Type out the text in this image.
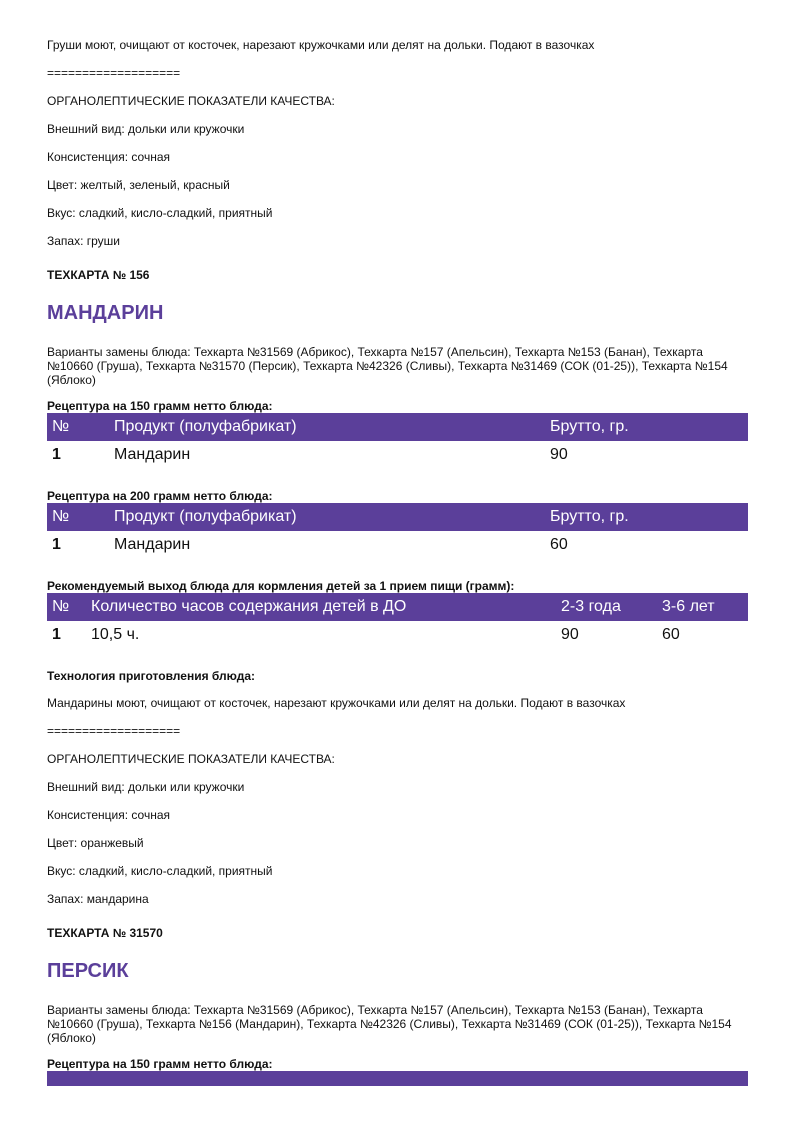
Груши моют, очищают от косточек, нарезают кружочками или делят на дольки. Подают в вазочках
===================
ОРГАНОЛЕПТИЧЕСКИЕ ПОКАЗАТЕЛИ КАЧЕСТВА:
Внешний вид: дольки или кружочки
Консистенция: сочная
Цвет: желтый, зеленый, красный
Вкус: сладкий, кисло-сладкий, приятный
Запах: груши
ТЕХКАРТА № 156
МАНДАРИН
Варианты замены блюда: Техкарта №31569 (Абрикос), Техкарта №157 (Апельсин), Техкарта №153 (Банан), Техкарта №10660 (Груша), Техкарта №31570 (Персик), Техкарта №42326 (Сливы), Техкарта №31469 (СОК (01-25)), Техкарта №154 (Яблоко)
Рецептура на 150 грамм нетто блюда:
№	Продукт (полуфабрикат)	Брутто, гр.
1	Мандарин	90
Рецептура на 200 грамм нетто блюда:
№	Продукт (полуфабрикат)	Брутто, гр.
1	Мандарин	60
Рекомендуемый выход блюда для кормления детей за 1 прием пищи (грамм):
№ Количество часов содержания детей в ДО	2-3 года	3-6 лет
1 10,5 ч.	90	60
Технология приготовления блюда:
Мандарины моют, очищают от косточек, нарезают кружочками или делят на дольки. Подают в вазочках
===================
ОРГАНОЛЕПТИЧЕСКИЕ ПОКАЗАТЕЛИ КАЧЕСТВА:
Внешний вид: дольки или кружочки
Консистенция: сочная
Цвет: оранжевый
Вкус: сладкий, кисло-сладкий, приятный
Запах: мандарина
ТЕХКАРТА № 31570
ПЕРСИК
Варианты замены блюда: Техкарта №31569 (Абрикос), Техкарта №157 (Апельсин), Техкарта №153 (Банан), Техкарта №10660 (Груша), Техкарта №156 (Мандарин), Техкарта №42326 (Сливы), Техкарта №31469 (СОК (01-25)), Техкарта №154 (Яблоко)
Рецептура на 150 грамм нетто блюда:
